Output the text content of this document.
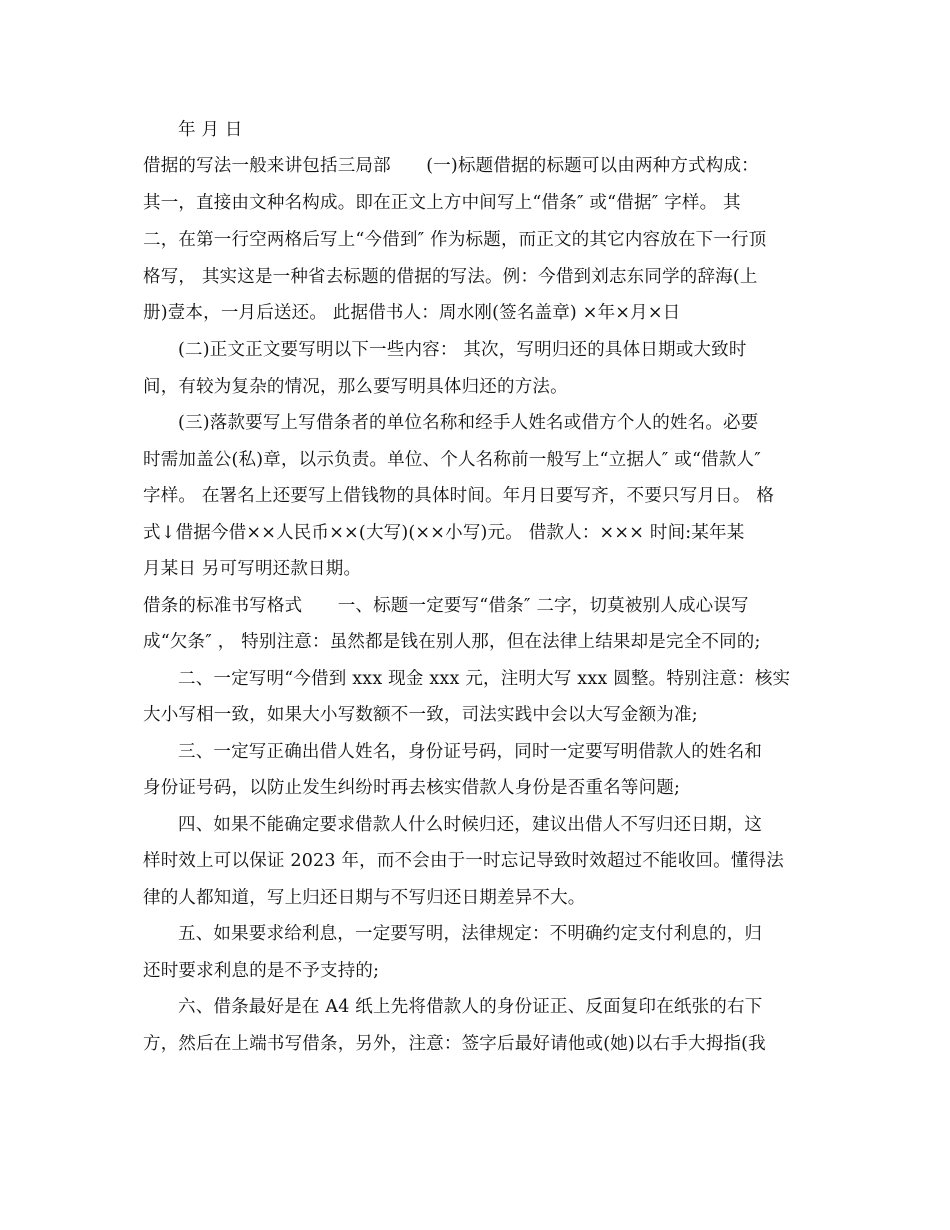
年 月 日
借据的写法一般来讲包括三局部　　(一)标题借据的标题可以由两种方式构成：
其一，直接由文种名构成。即在正文上方中间写上“借条″ 或“借据″ 字样。 其
二，在第一行空两格后写上“今借到″ 作为标题，而正文的其它内容放在下一行顶
格写， 其实这是一种省去标题的借据的写法。例：今借到刘志东同学的辞海(上
册)壹本，一月后送还。 此据借书人：周水刚(签名盖章) ×年×月×日
(二)正文正文要写明以下一些内容： 其次，写明归还的具体日期或大致时
间，有较为复杂的情况，那么要写明具体归还的方法。
(三)落款要写上写借条者的单位名称和经手人姓名或借方个人的姓名。必要
时需加盖公(私)章，以示负责。单位、个人名称前一般写上“立据人″ 或“借款人″
字样。 在署名上还要写上借钱物的具体时间。年月日要写齐，不要只写月日。 格
式↓借据今借××人民币××(大写)(××小写)元。 借款人：××× 时间:某年某
月某日 另可写明还款日期。
借条的标准书写格式　　一、标题一定要写“借条″ 二字，切莫被别人成心误写
成“欠条″ ， 特别注意：虽然都是钱在别人那，但在法律上结果却是完全不同的;
二、一定写明“今借到 xxx 现金 xxx 元，注明大写 xxx 圆整。特别注意：核实
大小写相一致，如果大小写数额不一致，司法实践中会以大写金额为准;
三、一定写正确出借人姓名，身份证号码，同时一定要写明借款人的姓名和
身份证号码，以防止发生纠纷时再去核实借款人身份是否重名等问题;
四、如果不能确定要求借款人什么时候归还，建议出借人不写归还日期，这
样时效上可以保证 2023 年，而不会由于一时忘记导致时效超过不能收回。懂得法
律的人都知道，写上归还日期与不写归还日期差异不大。
五、如果要求给利息，一定要写明，法律规定：不明确约定支付利息的，归
还时要求利息的是不予支持的;
六、借条最好是在 A4 纸上先将借款人的身份证正、反面复印在纸张的右下
方，然后在上端书写借条，另外，注意：签字后最好请他或(她)以右手大拇指(我
